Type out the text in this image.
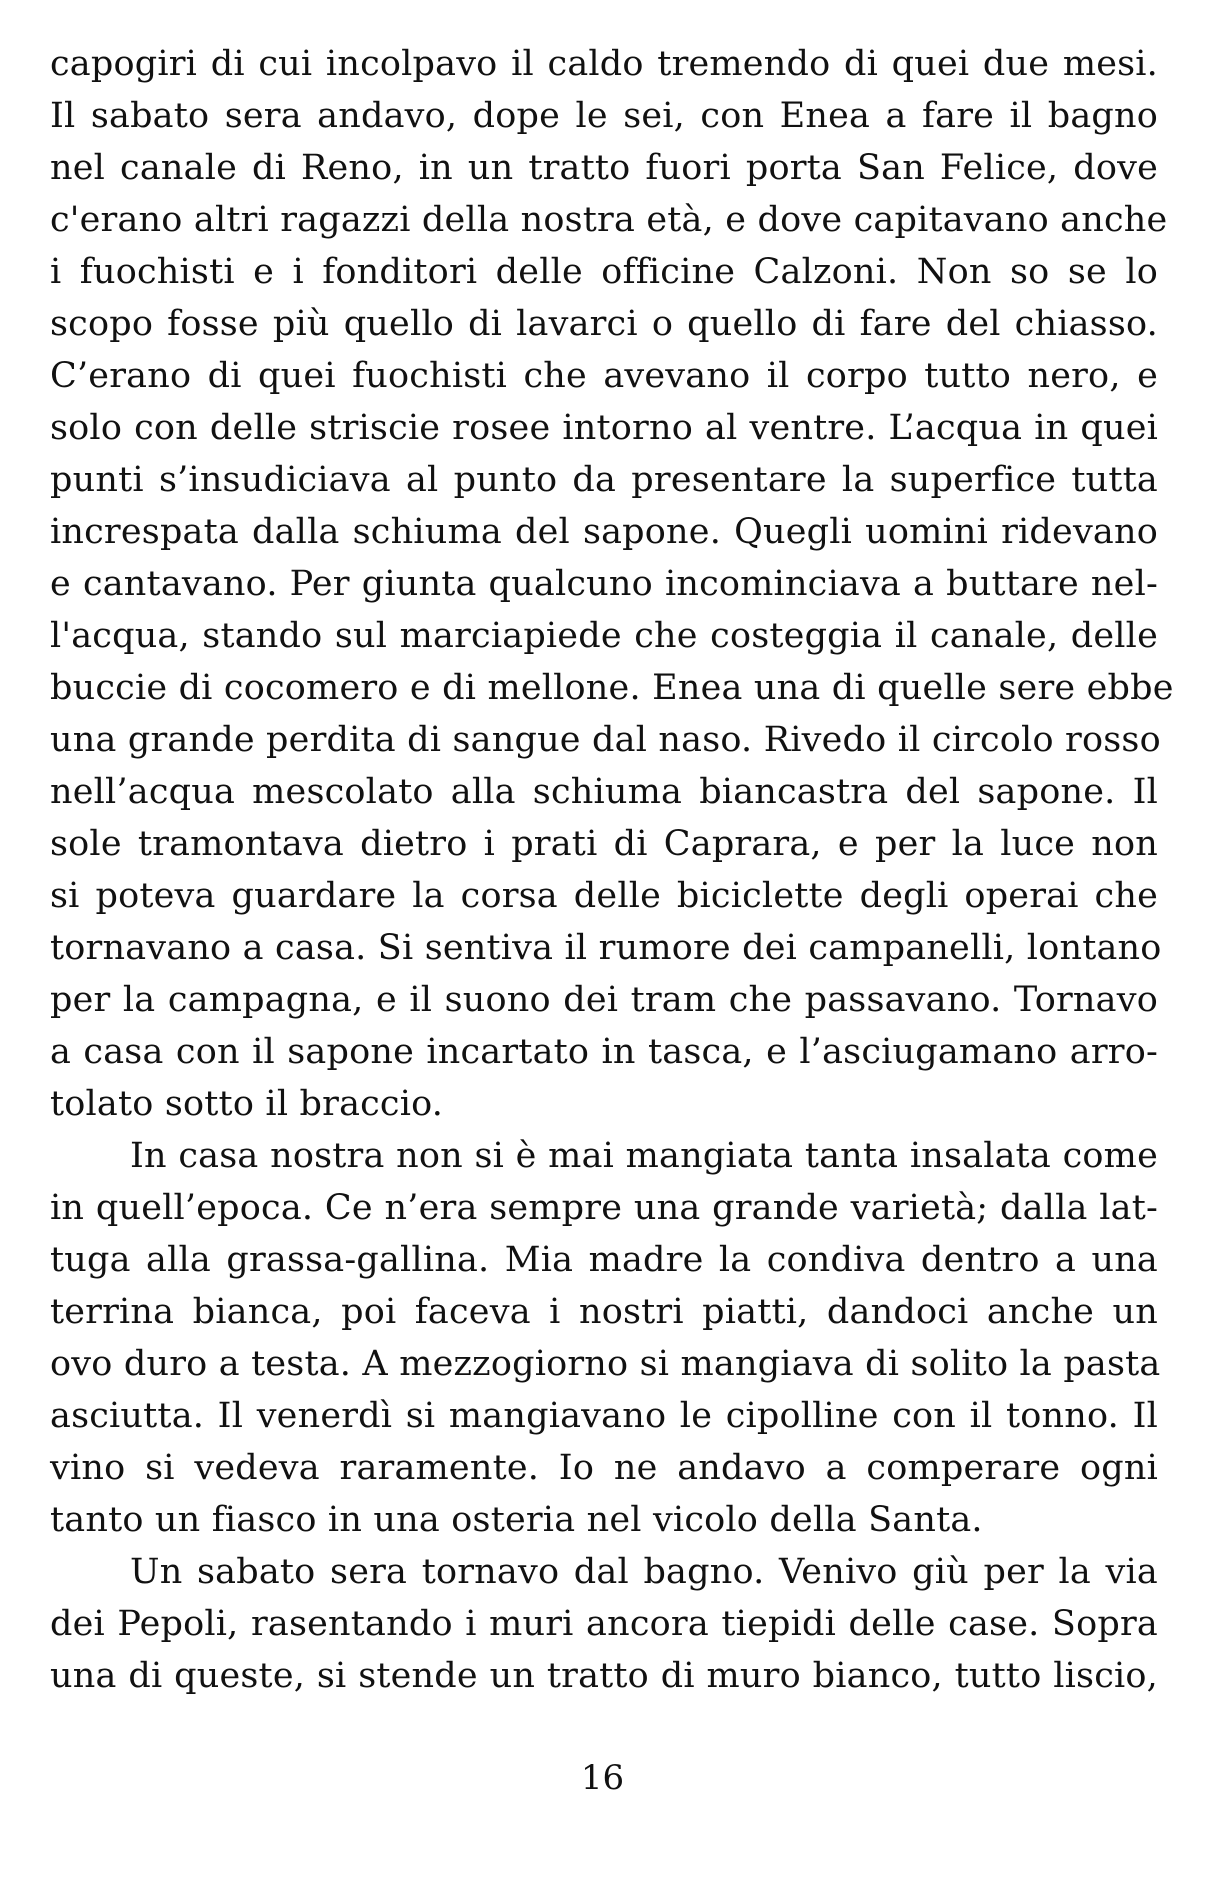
capogiri di cui incolpavo il caldo tremendo di quei due mesi.
Il sabato sera andavo, dope le sei, con Enea a fare il bagno
nel canale di Reno, in un tratto fuori porta San Felice, dove
c'erano altri ragazzi della nostra età, e dove capitavano anche
i fuochisti e i fonditori delle officine Calzoni. Non so se lo
scopo fosse più quello di lavarci o quello di fare del chiasso.
C’erano di quei fuochisti che avevano il corpo tutto nero, e
solo con delle striscie rosee intorno al ventre. L’acqua in quei
punti s’insudiciava al punto da presentare la superfice tutta
increspata dalla schiuma del sapone. Quegli uomini ridevano
e cantavano. Per giunta qualcuno incominciava a buttare nel-
l'acqua, stando sul marciapiede che costeggia il canale, delle
buccie di cocomero e di mellone. Enea una di quelle sere ebbe
una grande perdita di sangue dal naso. Rivedo il circolo rosso
nell’acqua mescolato alla schiuma biancastra del sapone. Il
sole tramontava dietro i prati di Caprara, e per la luce non
si poteva guardare la corsa delle biciclette degli operai che
tornavano a casa. Si sentiva il rumore dei campanelli, lontano
per la campagna, e il suono dei tram che passavano. Tornavo
a casa con il sapone incartato in tasca, e l’asciugamano arro-
tolato sotto il braccio.
In casa nostra non si è mai mangiata tanta insalata come
in quell’epoca. Ce n’era sempre una grande varietà; dalla lat-
tuga alla grassa-gallina. Mia madre la condiva dentro a una
terrina bianca, poi faceva i nostri piatti, dandoci anche un
ovo duro a testa. A mezzogiorno si mangiava di solito la pasta
asciutta. Il venerdì si mangiavano le cipolline con il tonno. Il
vino si vedeva raramente. Io ne andavo a comperare ogni
tanto un fiasco in una osteria nel vicolo della Santa.
Un sabato sera tornavo dal bagno. Venivo giù per la via
dei Pepoli, rasentando i muri ancora tiepidi delle case. Sopra
una di queste, si stende un tratto di muro bianco, tutto liscio,
16
